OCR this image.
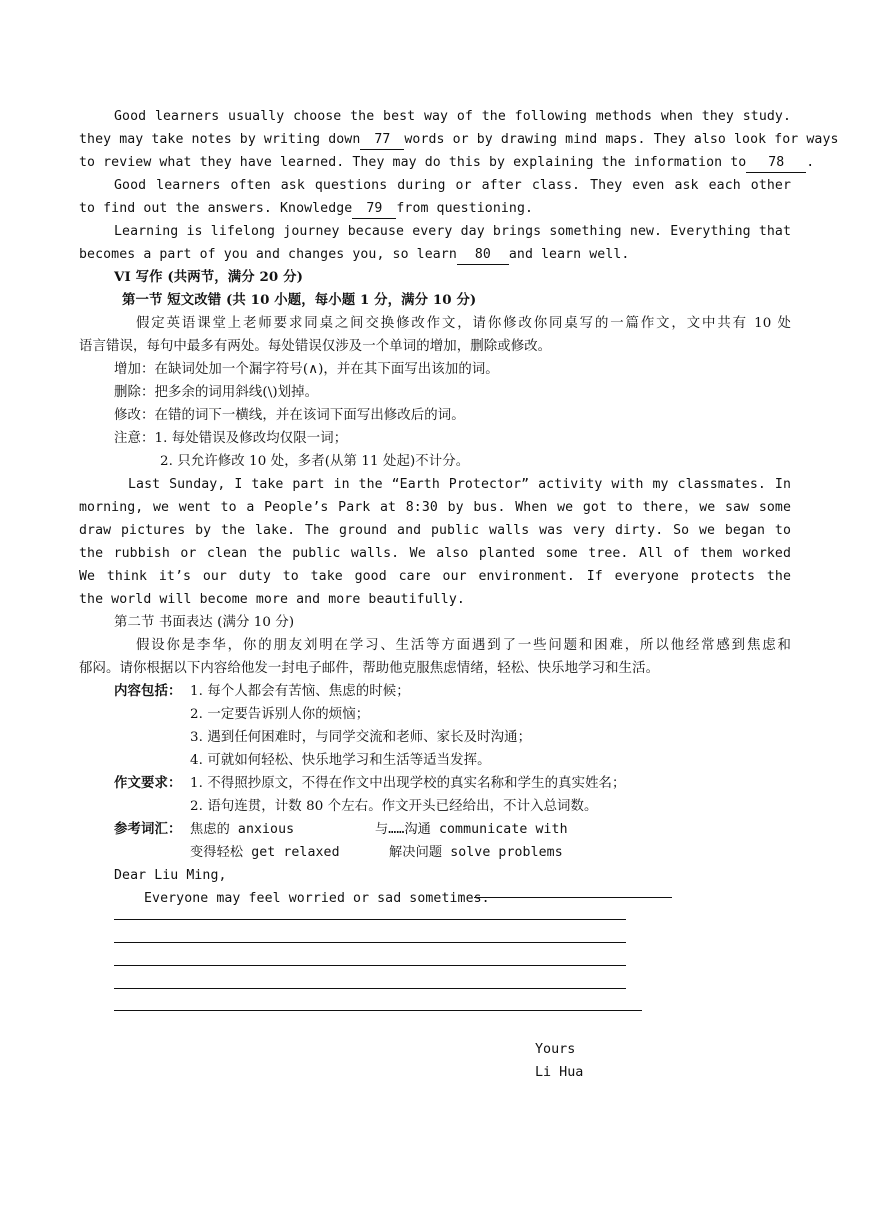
Good learners usually choose the best way of the following methods when they study.
they may take notes by writing down 77 words or by drawing mind maps. They also look for ways
to review what they have learned. They may do this by explaining the information to 78 .
Good learners often ask questions during or after class. They even ask each other
to find out the answers. Knowledge 79 from questioning.
Learning is lifelong journey because every day brings something new. Everything that
becomes a part of you and changes you, so learn 80 and learn well.
VI 写作 (共两节，满分 20 分)
第一节 短文改错 (共 10 小题，每小题 1 分，满分 10 分)
假定英语课堂上老师要求同桌之间交换修改作文，请你修改你同桌写的一篇作文，文中共有 10 处
语言错误，每句中最多有两处。每处错误仅涉及一个单词的增加，删除或修改。
增加：在缺词处加一个漏字符号(∧)，并在其下面写出该加的词。
删除：把多余的词用斜线(\)划掉。
修改：在错的词下一横线，并在该词下面写出修改后的词。
注意：1. 每处错误及修改均仅限一词；
2. 只允许修改 10 处，多者(从第 11 处起)不计分。
Last Sunday, I take part in the “Earth Protector” activity with my classmates. In
morning, we went to a People’s Park at 8:30 by bus. When we got to there，we saw some
draw pictures by the lake. The ground and public walls was very dirty. So we began to
the rubbish or clean the public walls. We also planted some tree. All of them worked
We think it’s our duty to take good care our environment. If everyone protects the
the world will become more and more beautifully.
第二节 书面表达 (满分 10 分)
假设你是李华，你的朋友刘明在学习、生活等方面遇到了一些问题和困难，所以他经常感到焦虑和
郁闷。请你根据以下内容给他发一封电子邮件，帮助他克服焦虑情绪，轻松、快乐地学习和生活。
内容包括： 1. 每个人都会有苦恼、焦虑的时候；
2. 一定要告诉别人你的烦恼；
3. 遇到任何困难时，与同学交流和老师、家长及时沟通；
4. 可就如何轻松、快乐地学习和生活等适当发挥。
作文要求： 1. 不得照抄原文，不得在作文中出现学校的真实名称和学生的真实姓名；
2. 语句连贯，计数 80 个左右。作文开头已经给出，不计入总词数。
参考词汇： 焦虑的 anxious	与……沟通 communicate with
变得轻松 get relaxed	解决问题 solve problems
Dear Liu Ming,
Everyone may feel worried or sad sometimes.
Yours
Li Hua
